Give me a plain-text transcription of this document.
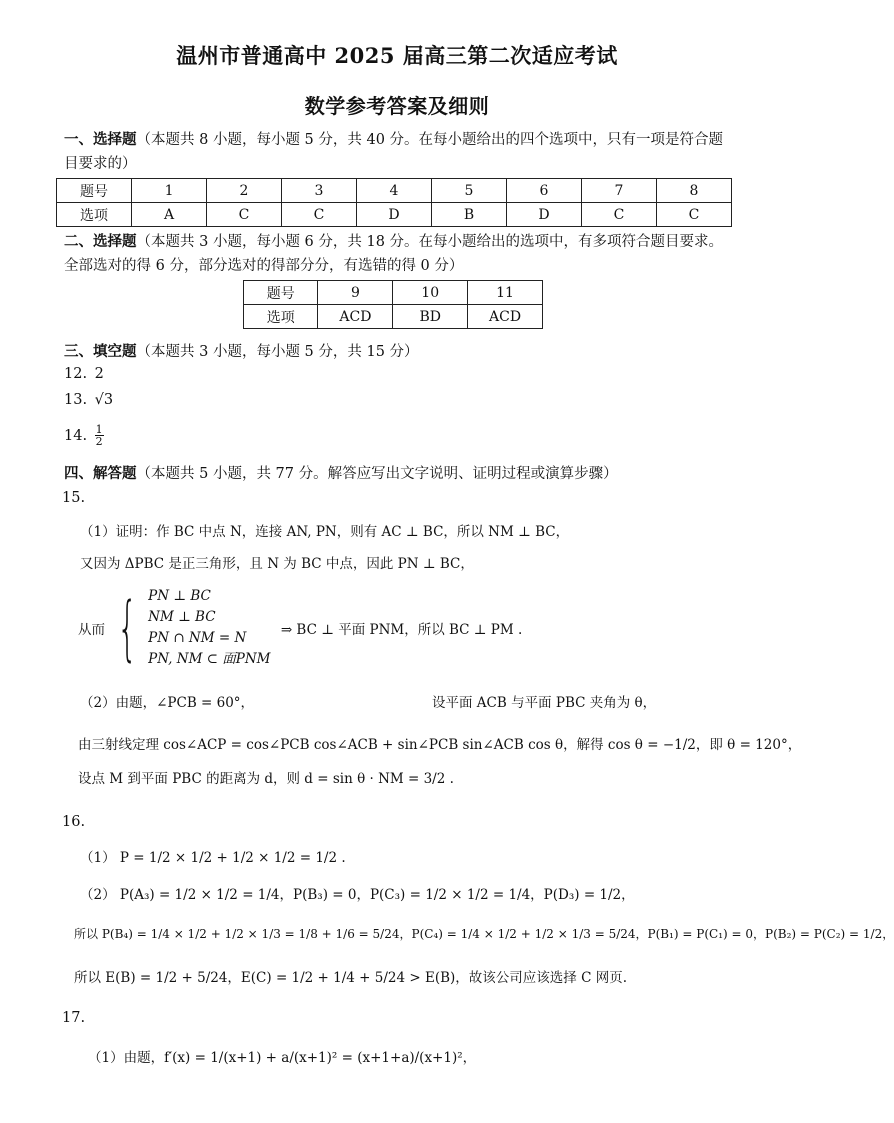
温州市普通高中 2025 届高三第二次适应考试
数学参考答案及细则
一、选择题（本题共 8 小题，每小题 5 分，共 40 分。在每小题给出的四个选项中，只有一项是符合题目要求的）
题号	1	2	3	4	5	6	7	8
选项	A	C	C	D	B	D	C	C
二、选择题（本题共 3 小题，每小题 6 分，共 18 分。在每小题给出的选项中，有多项符合题目要求。全部选对的得 6 分，部分选对的得部分分，有选错的得 0 分）
题号	9	10	11
选项	ACD	BD	ACD
三、填空题（本题共 3 小题，每小题 5 分，共 15 分）
12. 2
13. √3
14. $\frac{1}{2}$
四、解答题（本题共 5 小题，共 77 分。解答应写出文字说明、证明过程或演算步骤）
15.
（1）证明：作 BC 中点 N，连接 AN, PN，则有 AC ⊥ BC，所以 NM ⊥ BC，
又因为 ΔPBC 是正三角形，且 N 为 BC 中点，因此 PN ⊥ BC，
从而 { PN ⊥ BC
NM ⊥ BC
PN ∩ NM = N
PN, NM ⊂ 面PNM
⇒ BC ⊥ 平面 PNM，所以 BC ⊥ PM .
（2）由题，∠PCB = 60°，	设平面 ACB 与平面 PBC 夹角为 θ，
由三射线定理 cos∠ACP = cos∠PCB cos∠ACB + sin∠PCB sin∠ACB cos θ，解得 cos θ = −1/2，即 θ = 120°，
设点 M 到平面 PBC 的距离为 d，则 d = sin θ · NM = 3/2 .
16.
（1） P = 1/2 × 1/2 + 1/2 × 1/2 = 1/2 .
（2） P(A₃) = 1/2 × 1/2 = 1/4，P(B₃) = 0，P(C₃) = 1/2 × 1/2 = 1/4，P(D₃) = 1/2，
所以 P(B₄) = 1/4 × 1/2 + 1/2 × 1/3 = 1/8 + 1/6 = 5/24，P(C₄) = 1/4 × 1/2 + 1/2 × 1/3 = 5/24，P(B₁) = P(C₁) = 0，P(B₂) = P(C₂) = 1/2，
所以 E(B) = 1/2 + 5/24，E(C) = 1/2 + 1/4 + 5/24 > E(B)，故该公司应该选择 C 网页.
17.
（1）由题，f′(x) = 1/(x+1) + a/(x+1)² = (x+1+a)/(x+1)²，
